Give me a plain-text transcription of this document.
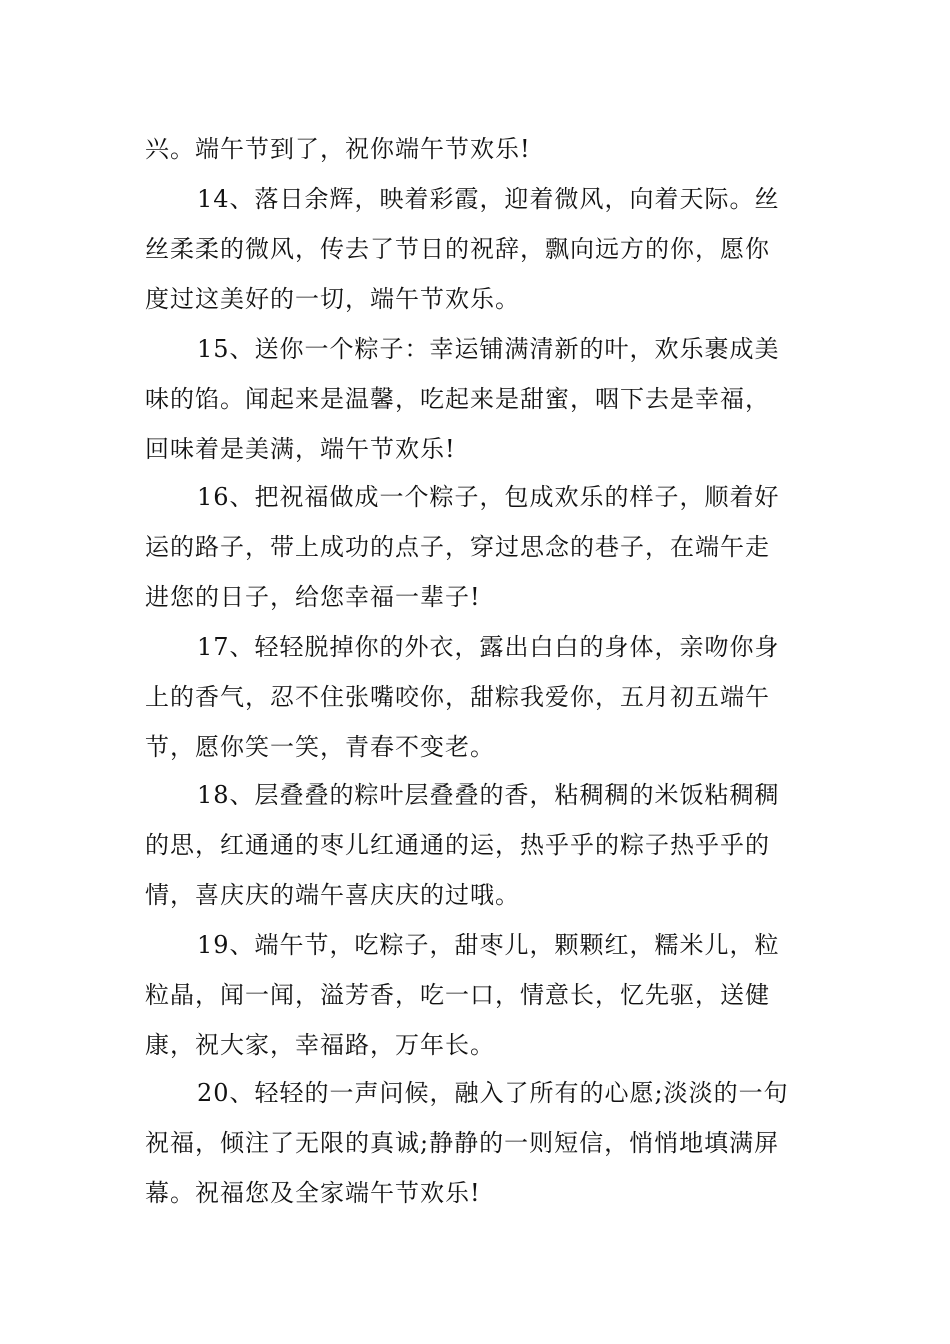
兴。端午节到了，祝你端午节欢乐!
14、落日余辉，映着彩霞，迎着微风，向着天际。丝
丝柔柔的微风，传去了节日的祝辞，飘向远方的你，愿你
度过这美好的一切，端午节欢乐。
15、送你一个粽子：幸运铺满清新的叶，欢乐裹成美
味的馅。闻起来是温馨，吃起来是甜蜜，咽下去是幸福，
回味着是美满，端午节欢乐!
16、把祝福做成一个粽子，包成欢乐的样子，顺着好
运的路子，带上成功的点子，穿过思念的巷子，在端午走
进您的日子，给您幸福一辈子!
17、轻轻脱掉你的外衣，露出白白的身体，亲吻你身
上的香气，忍不住张嘴咬你，甜粽我爱你，五月初五端午
节，愿你笑一笑，青春不变老。
18、层叠叠的粽叶层叠叠的香，粘稠稠的米饭粘稠稠
的思，红通通的枣儿红通通的运，热乎乎的粽子热乎乎的
情，喜庆庆的端午喜庆庆的过哦。
19、端午节，吃粽子，甜枣儿，颗颗红，糯米儿，粒
粒晶，闻一闻，溢芳香，吃一口，情意长，忆先驱，送健
康，祝大家，幸福路，万年长。
20、轻轻的一声问候，融入了所有的心愿;淡淡的一句
祝福，倾注了无限的真诚;静静的一则短信，悄悄地填满屏
幕。祝福您及全家端午节欢乐!
